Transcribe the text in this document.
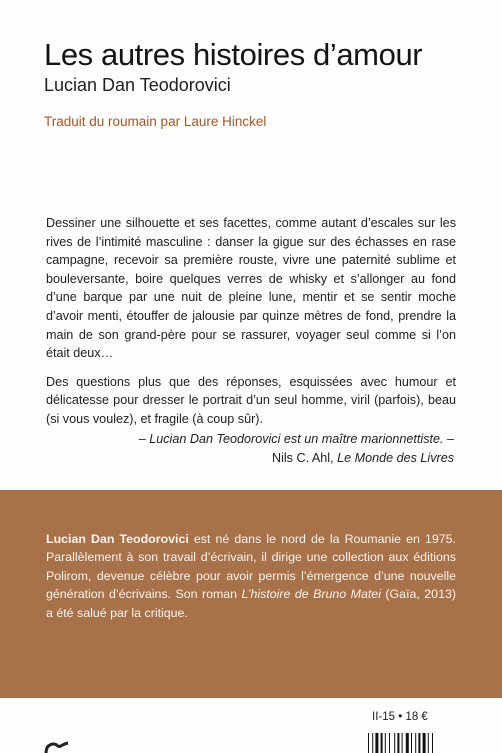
Les autres histoires d’amour
Lucian Dan Teodorovici
Traduit du roumain par Laure Hinckel

Dessiner une silhouette et ses facettes, comme autant d’escales sur les rives de l’intimité masculine : danser la gigue sur des échasses en rase campagne, recevoir sa première rouste, vivre une paternité sublime et bouleversante, boire quelques verres de whisky et s’allonger au fond d’une barque par une nuit de pleine lune, mentir et se sentir moche d’avoir menti, étouffer de jalousie par quinze mètres de fond, prendre la main de son grand-père pour se rassurer, voyager seul comme si l’on était deux…

Des questions plus que des réponses, esquissées avec humour et délicatesse pour dresser le portrait d’un seul homme, viril (parfois), beau (si vous voulez), et fragile (à coup sûr).

– Lucian Dan Teodorovici est un maître marionnettiste. –
Nils C. Ahl, Le Monde des Livres
Lucian Dan Teodorovici est né dans le nord de la Roumanie en 1975. Parallèlement à son travail d’écrivain, il dirige une collection aux éditions Polirom, devenue célèbre pour avoir permis l’émergence d’une nouvelle génération d’écrivains. Son roman L’histoire de Bruno Matei (Gaïa, 2013) a été salué par la critique.
II-15 • 18 €
